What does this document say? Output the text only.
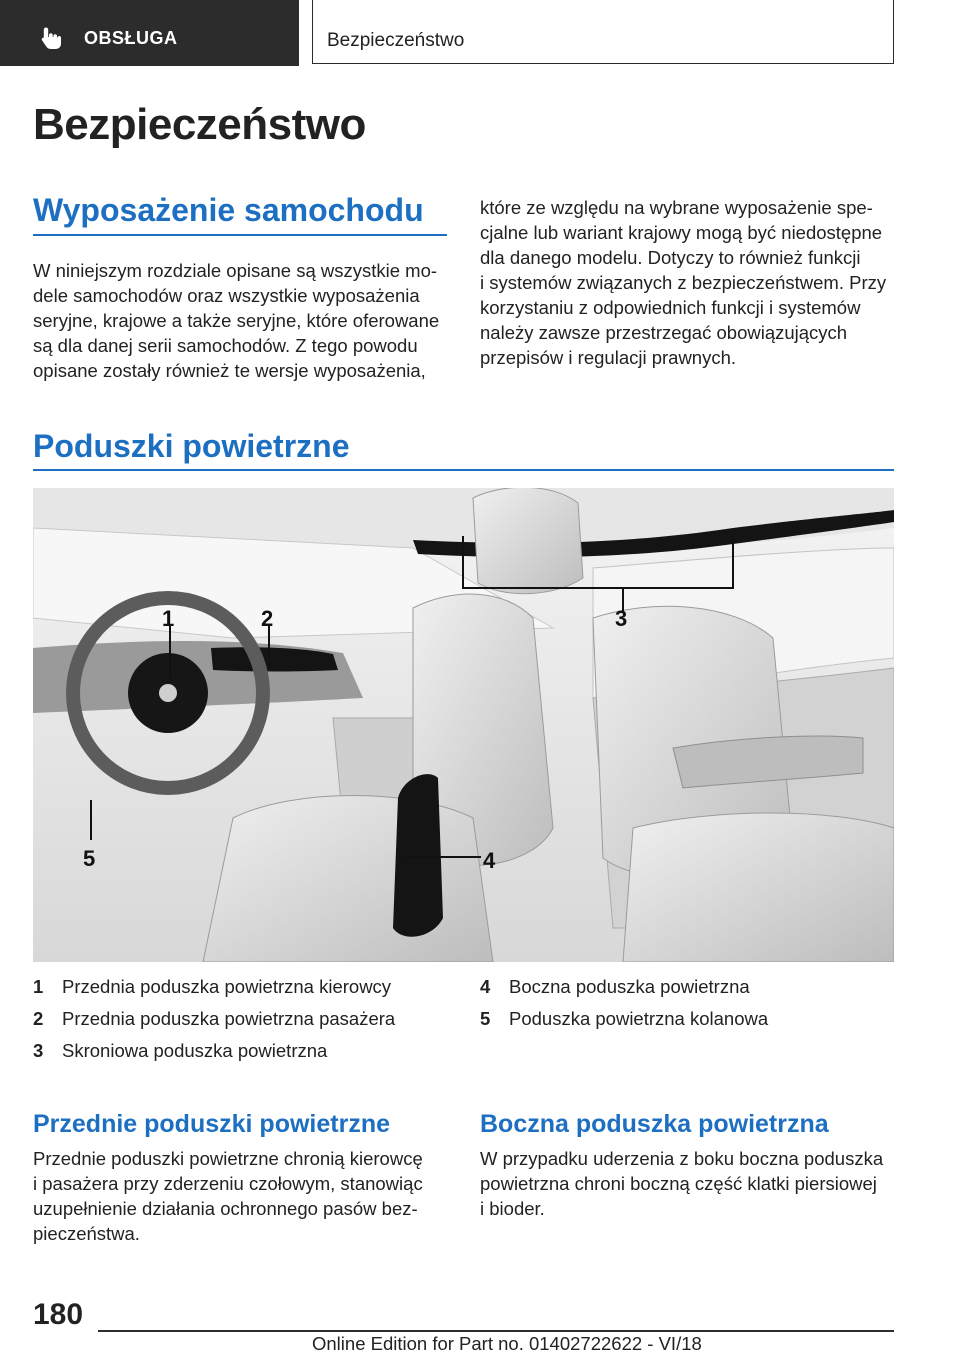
OBSŁUGA	Bezpieczeństwo
Bezpieczeństwo
Wyposażenie samochodu
W niniejszym rozdziale opisane są wszystkie mo-
dele samochodów oraz wszystkie wyposażenia
seryjne, krajowe a także seryjne, które oferowane
są dla danej serii samochodów. Z tego powodu
opisane zostały również te wersje wyposażenia,
które ze względu na wybrane wyposażenie spe-
cjalne lub wariant krajowy mogą być niedostępne
dla danego modelu. Dotyczy to również funkcji
i systemów związanych z bezpieczeństwem. Przy
korzystaniu z odpowiednich funkcji i systemów
należy zawsze przestrzegać obowiązujących
przepisów i regulacji prawnych.
Poduszki powietrzne
1	2	3
4
5
1 Przednia poduszka powietrzna kierowcy
2 Przednia poduszka powietrzna pasażera
3 Skroniowa poduszka powietrzna
4 Boczna poduszka powietrzna
5 Poduszka powietrzna kolanowa
Przednie poduszki powietrzne
Przednie poduszki powietrzne chronią kierowcę
i pasażera przy zderzeniu czołowym, stanowiąc
uzupełnienie działania ochronnego pasów bez-
pieczeństwa.
Boczna poduszka powietrzna
W przypadku uderzenia z boku boczna poduszka
powietrzna chroni boczną część klatki piersiowej
i bioder.
180
Online Edition for Part no. 01402722622 - VI/18
